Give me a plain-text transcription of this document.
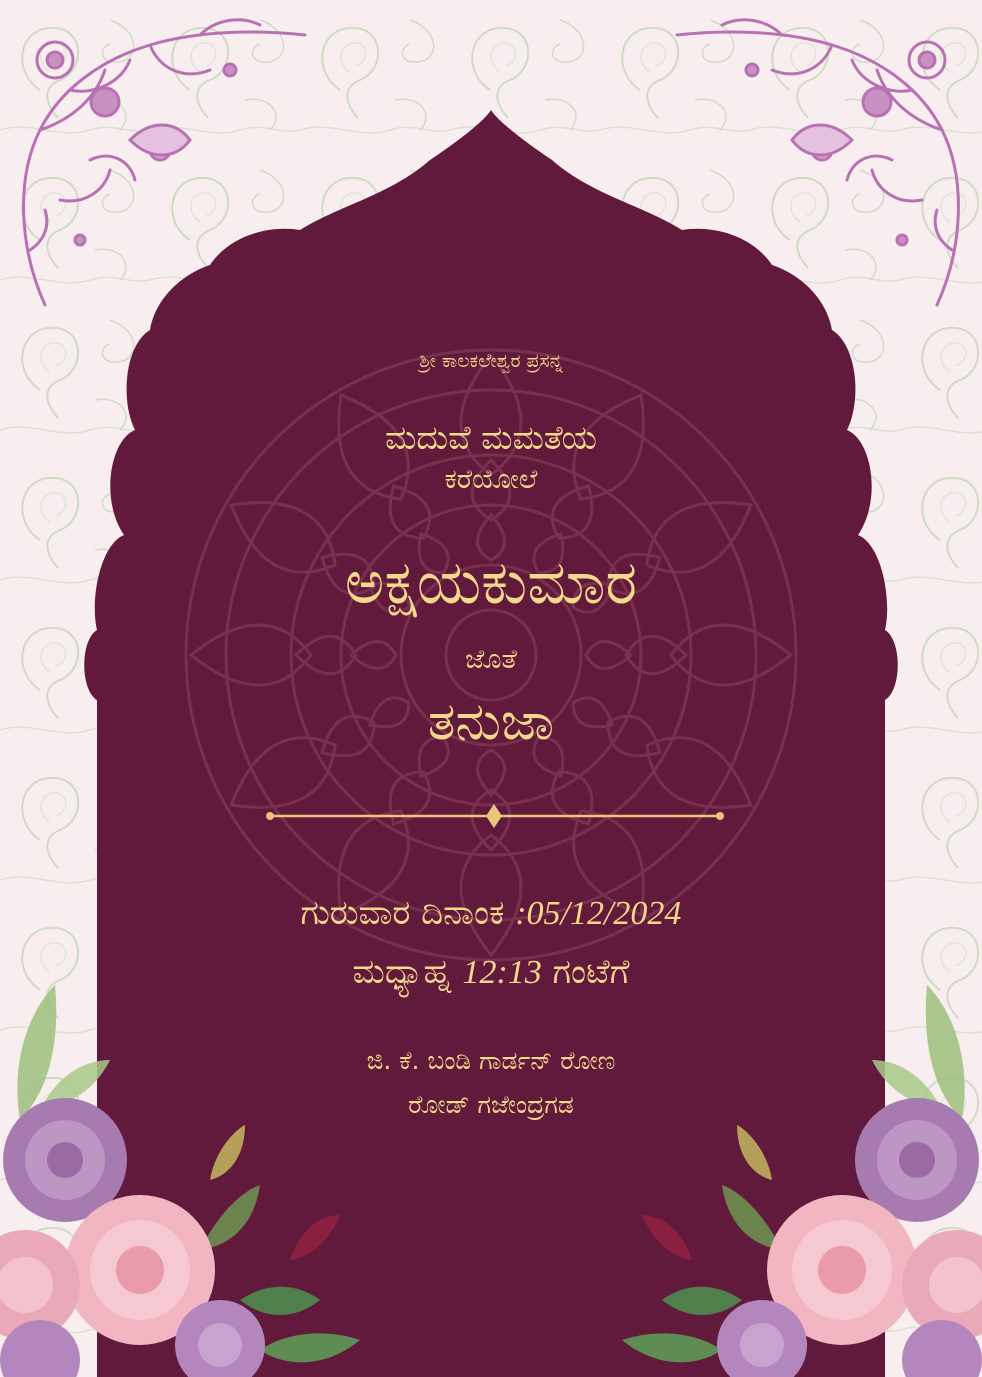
ಶ್ರೀ ಕಾಲಕಲೇಶ್ವರ ಪ್ರಸನ್ನ

ಮದುವೆ ಮಮತೆಯ

ಕರೆಯೋಲೆ

ಅಕ್ಷಯಕುಮಾರ

ಜೊತೆ

ತನುಜಾ

ಗುರುವಾರ ದಿನಾಂಕ :05/12/2024

ಮಧ್ಯಾಹ್ನ 12:13 ಗಂಟೆಗೆ

ಜಿ. ಕೆ. ಬಂಡಿ ಗಾರ್ಡನ್ ರೋಣ

ರೋಡ್ ಗಜೇಂದ್ರಗಡ
